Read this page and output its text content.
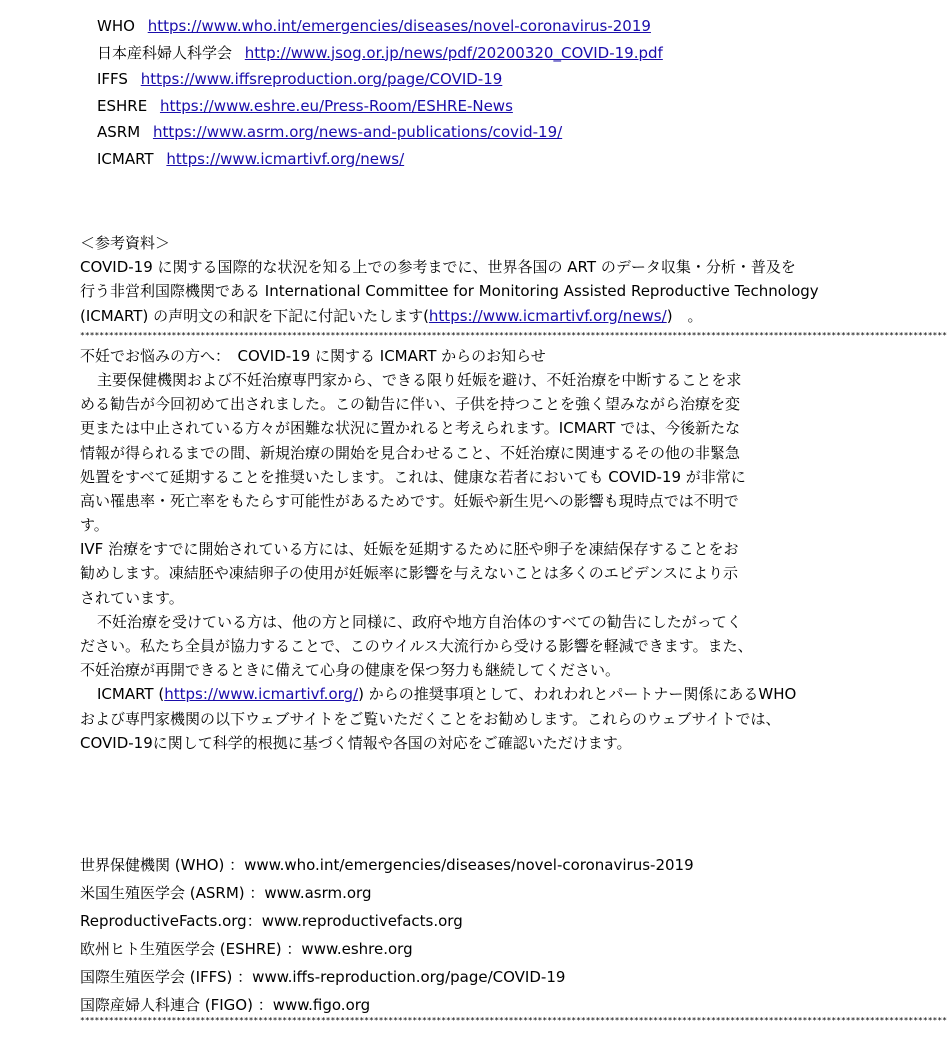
WHO https://www.who.int/emergencies/diseases/novel-coronavirus-2019
日本産科婦人科学会 http://www.jsog.or.jp/news/pdf/20200320_COVID-19.pdf
IFFS https://www.iffsreproduction.org/page/COVID-19
ESHRE https://www.eshre.eu/Press-Room/ESHRE-News
ASRM https://www.asrm.org/news-and-publications/covid-19/
ICMART https://www.icmartivf.org/news/
＜参考資料＞
COVID-19 に関する国際的な状況を知る上での参考までに、世界各国の ART のデータ収集・分析・普及を
行う非営利国際機関である International Committee for Monitoring Assisted Reproductive Technology
(ICMART) の声明文の和訳を下記に付記いたします(https://www.icmartivf.org/news/)　。
************************************************************************************************************************************************************************************
不妊でお悩みの方へ：　COVID-19 に関する ICMART からのお知らせ
主要保健機関および不妊治療専門家から、できる限り妊娠を避け、不妊治療を中断することを求
める勧告が今回初めて出されました。この勧告に伴い、子供を持つことを強く望みながら治療を変
更または中止されている方々が困難な状況に置かれると考えられます。ICMART では、今後新たな
情報が得られるまでの間、新規治療の開始を見合わせること、不妊治療に関連するその他の非緊急
処置をすべて延期することを推奨いたします。これは、健康な若者においても COVID-19 が非常に
高い罹患率・死亡率をもたらす可能性があるためです。妊娠や新生児への影響も現時点では不明で
す。
IVF 治療をすでに開始されている方には、妊娠を延期するために胚や卵子を凍結保存することをお
勧めします。凍結胚や凍結卵子の使用が妊娠率に影響を与えないことは多くのエビデンスにより示
されています。
不妊治療を受けている方は、他の方と同様に、政府や地方自治体のすべての勧告にしたがってく
ださい。私たち全員が協力することで、このウイルス大流行から受ける影響を軽減できます。また、
不妊治療が再開できるときに備えて心身の健康を保つ努力も継続してください。
ICMART (https://www.icmartivf.org/) からの推奨事項として、われわれとパートナー関係にあるWHO
および専門家機関の以下ウェブサイトをご覧いただくことをお勧めします。これらのウェブサイトでは、
COVID-19に関して科学的根拠に基づく情報や各国の対応をご確認いただけます。
世界保健機関 (WHO) ：www.who.int/emergencies/diseases/novel-coronavirus-2019
米国生殖医学会 (ASRM) ：www.asrm.org
ReproductiveFacts.org：www.reproductivefacts.org
欧州ヒト生殖医学会 (ESHRE) ：www.eshre.org
国際生殖医学会 (IFFS) ：www.iffs-reproduction.org/page/COVID-19
国際産婦人科連合 (FIGO) ：www.figo.org
************************************************************************************************************************************************************************************
